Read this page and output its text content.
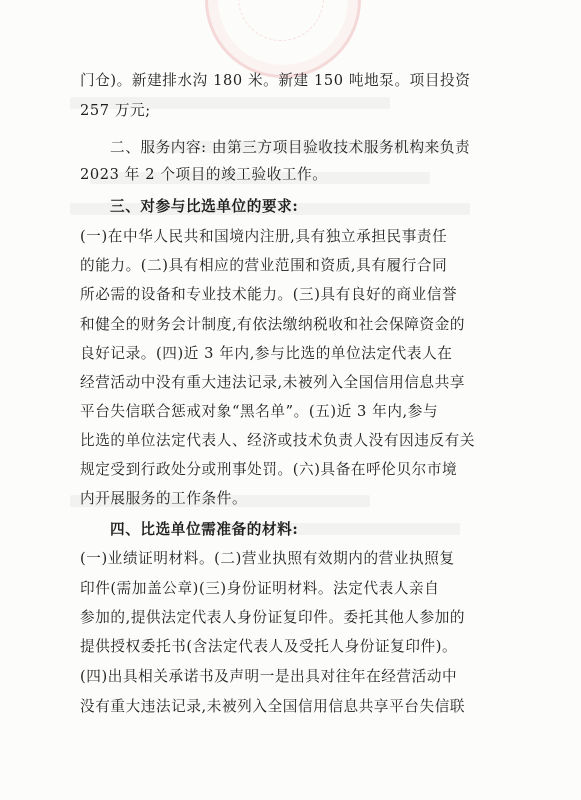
门仓)。新建排水沟 180 米。新建 150 吨地泵。项目投资
257 万元;
二、服务内容: 由第三方项目验收技术服务机构来负责
2023 年 2 个项目的竣工验收工作。
三、对参与比选单位的要求:
(一)在中华人民共和国境内注册,具有独立承担民事责任
的能力。(二)具有相应的营业范围和资质,具有履行合同
所必需的设备和专业技术能力。(三)具有良好的商业信誉
和健全的财务会计制度,有依法缴纳税收和社会保障资金的
良好记录。(四)近 3 年内,参与比选的单位法定代表人在
经营活动中没有重大违法记录,未被列入全国信用信息共享
平台失信联合惩戒对象“黑名单”。(五)近 3 年内,参与
比选的单位法定代表人、经济或技术负责人没有因违反有关
规定受到行政处分或刑事处罚。(六)具备在呼伦贝尔市境
内开展服务的工作条件。
四、比选单位需准备的材料:
(一)业绩证明材料。(二)营业执照有效期内的营业执照复
印件(需加盖公章)(三)身份证明材料。法定代表人亲自
参加的,提供法定代表人身份证复印件。委托其他人参加的
提供授权委托书(含法定代表人及受托人身份证复印件)。
(四)出具相关承诺书及声明一是出具对往年在经营活动中
没有重大违法记录,未被列入全国信用信息共享平台失信联
